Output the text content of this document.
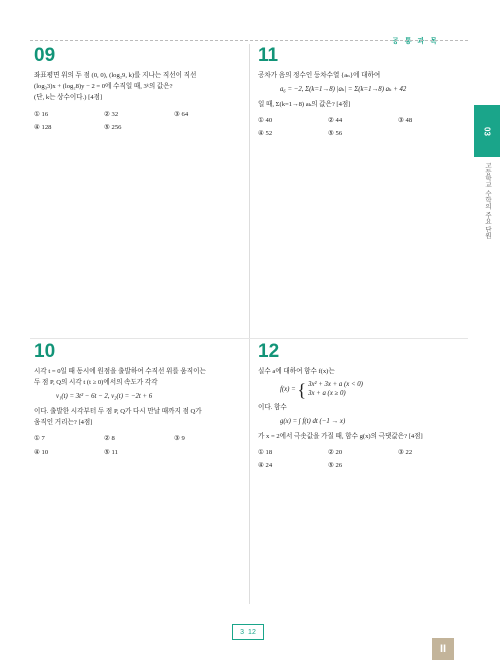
공통과목
03
고등학교 수학의 주요 단원
09
좌표평면 위의 두 점 (0, 0), (log₂9, k)를 지나는 직선이 직선
(log₃3)x + (log₂8)y − 2 = 0에 수직일 때, 3ᵏ의 값은?
(단, k는 상수이다.) [4점]
① 16	② 32	③ 64
④ 128	⑤ 256
11
공차가 음의 정수인 등차수열 {aₙ}에 대하여
a₆ = −2, Σ(k=1→8) |aₖ| = Σ(k=1→8) aₖ + 42
일 때, Σ(k=1→8) aₖ의 값은? [4점]
① 40	② 44	③ 48
④ 52	⑤ 56
10
시각 t = 0일 때 동시에 원점을 출발하여 수직선 위를 움직이는
두 점 P, Q의 시각 t (t ≥ 0)에서의 속도가 각각
v₁(t) = 3t² − 6t − 2, v₂(t) = −2t + 6
이다. 출발한 시각부터 두 점 P, Q가 다시 만날 때까지 점 Q가
움직인 거리는? [4점]
① 7	② 8	③ 9
④ 10	⑤ 11
12
실수 a에 대하여 함수 f(x)는
f(x) =
{ 3x² + 3x + a (x < 0)
3x + a (x ≥ 0)
이다. 함수
g(x) = ∫ f(t) dt (−1 → x)
가 x = 2에서 극솟값을 가질 때, 함수 g(x)의 극댓값은? [4점]
① 18	② 20	③ 22
④ 24	⑤ 26
3 12
II
